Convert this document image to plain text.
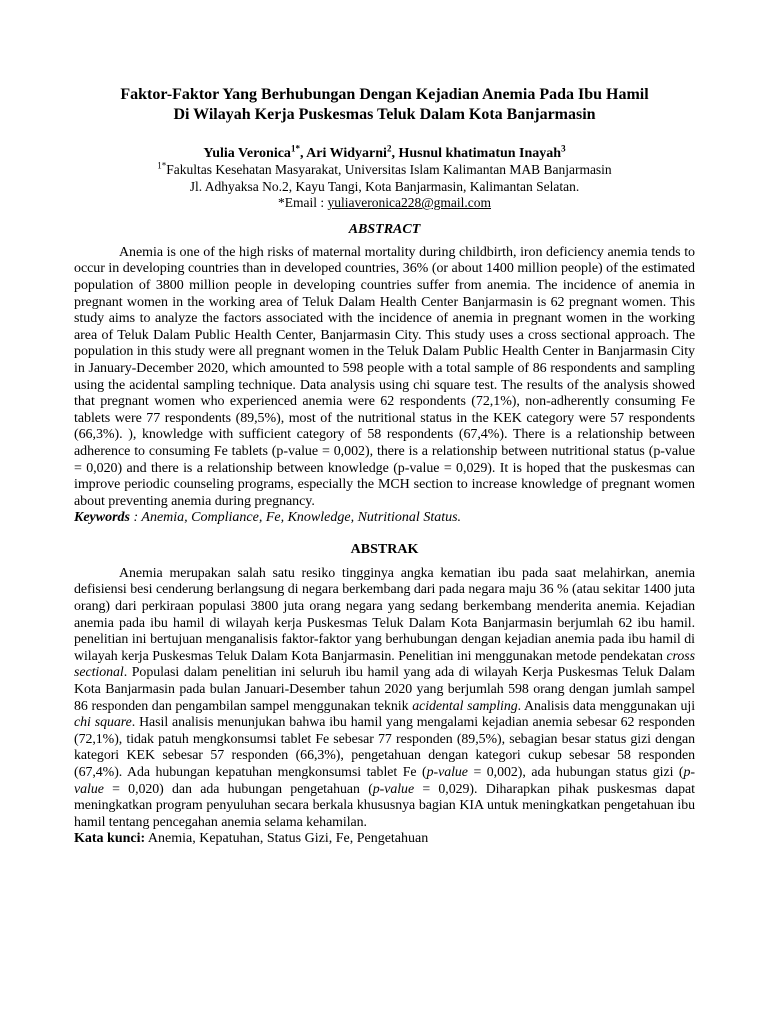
Faktor-Faktor Yang Berhubungan Dengan Kejadian Anemia Pada Ibu Hamil
Di Wilayah Kerja Puskesmas Teluk Dalam Kota Banjarmasin
Yulia Veronica$^{1*}$, Ari Widyarni$^2$, Husnul khatimatun Inayah$^3$
$^{1*}$Fakultas Kesehatan Masyarakat, Universitas Islam Kalimantan MAB Banjarmasin
Jl. Adhyaksa No.2, Kayu Tangi, Kota Banjarmasin, Kalimantan Selatan.
*Email : yuliaveronica228@gmail.com
ABSTRACT

Anemia is one of the high risks of maternal mortality during childbirth, iron deficiency anemia tends to occur in developing countries than in developed countries, 36% (or about 1400 million people) of the estimated population of 3800 million people in developing countries suffer from anemia. The incidence of anemia in pregnant women in the working area of Teluk Dalam Health Center Banjarmasin is 62 pregnant women. This study aims to analyze the factors associated with the incidence of anemia in pregnant women in the working area of Teluk Dalam Public Health Center, Banjarmasin City. This study uses a cross sectional approach. The population in this study were all pregnant women in the Teluk Dalam Public Health Center in Banjarmasin City in January-December 2020, which amounted to 598 people with a total sample of 86 respondents and sampling using the acidental sampling technique. Data analysis using chi square test. The results of the analysis showed that pregnant women who experienced anemia were 62 respondents (72,1%), non-adherently consuming Fe tablets were 77 respondents (89,5%), most of the nutritional status in the KEK category were 57 respondents (66,3%). ), knowledge with sufficient category of 58 respondents (67,4%). There is a relationship between adherence to consuming Fe tablets (p-value = 0,002), there is a relationship between nutritional status (p-value = 0,020) and there is a relationship between knowledge (p-value = 0,029). It is hoped that the puskesmas can improve periodic counseling programs, especially the MCH section to increase knowledge of pregnant women about preventing anemia during pregnancy.

Keywords : Anemia, Compliance, Fe, Knowledge, Nutritional Status.

ABSTRAK

Anemia merupakan salah satu resiko tingginya angka kematian ibu pada saat melahirkan, anemia defisiensi besi cenderung berlangsung di negara berkembang dari pada negara maju 36 % (atau sekitar 1400 juta orang) dari perkiraan populasi 3800 juta orang negara yang sedang berkembang menderita anemia. Kejadian anemia pada ibu hamil di wilayah kerja Puskesmas Teluk Dalam Kota Banjarmasin berjumlah 62 ibu hamil. penelitian ini bertujuan menganalisis faktor-faktor yang berhubungan dengan kejadian anemia pada ibu hamil di wilayah kerja Puskesmas Teluk Dalam Kota Banjarmasin. Penelitian ini menggunakan metode pendekatan cross sectional. Populasi dalam penelitian ini seluruh ibu hamil yang ada di wilayah Kerja Puskesmas Teluk Dalam Kota Banjarmasin pada bulan Januari-Desember tahun 2020 yang berjumlah 598 orang dengan jumlah sampel 86 responden dan pengambilan sampel menggunakan teknik acidental sampling. Analisis data menggunakan uji chi square. Hasil analisis menunjukan bahwa ibu hamil yang mengalami kejadian anemia sebesar 62 responden (72,1%), tidak patuh mengkonsumsi tablet Fe sebesar 77 responden (89,5%), sebagian besar status gizi dengan kategori KEK sebesar 57 responden (66,3%), pengetahuan dengan kategori cukup sebesar 58 responden (67,4%). Ada hubungan kepatuhan mengkonsumsi tablet Fe (p-value = 0,002), ada hubungan status gizi (p-value = 0,020) dan ada hubungan pengetahuan (p-value = 0,029). Diharapkan pihak puskesmas dapat meningkatkan program penyuluhan secara berkala khususnya bagian KIA untuk meningkatkan pengetahuan ibu hamil tentang pencegahan anemia selama kehamilan.

Kata kunci: Anemia, Kepatuhan, Status Gizi, Fe, Pengetahuan
